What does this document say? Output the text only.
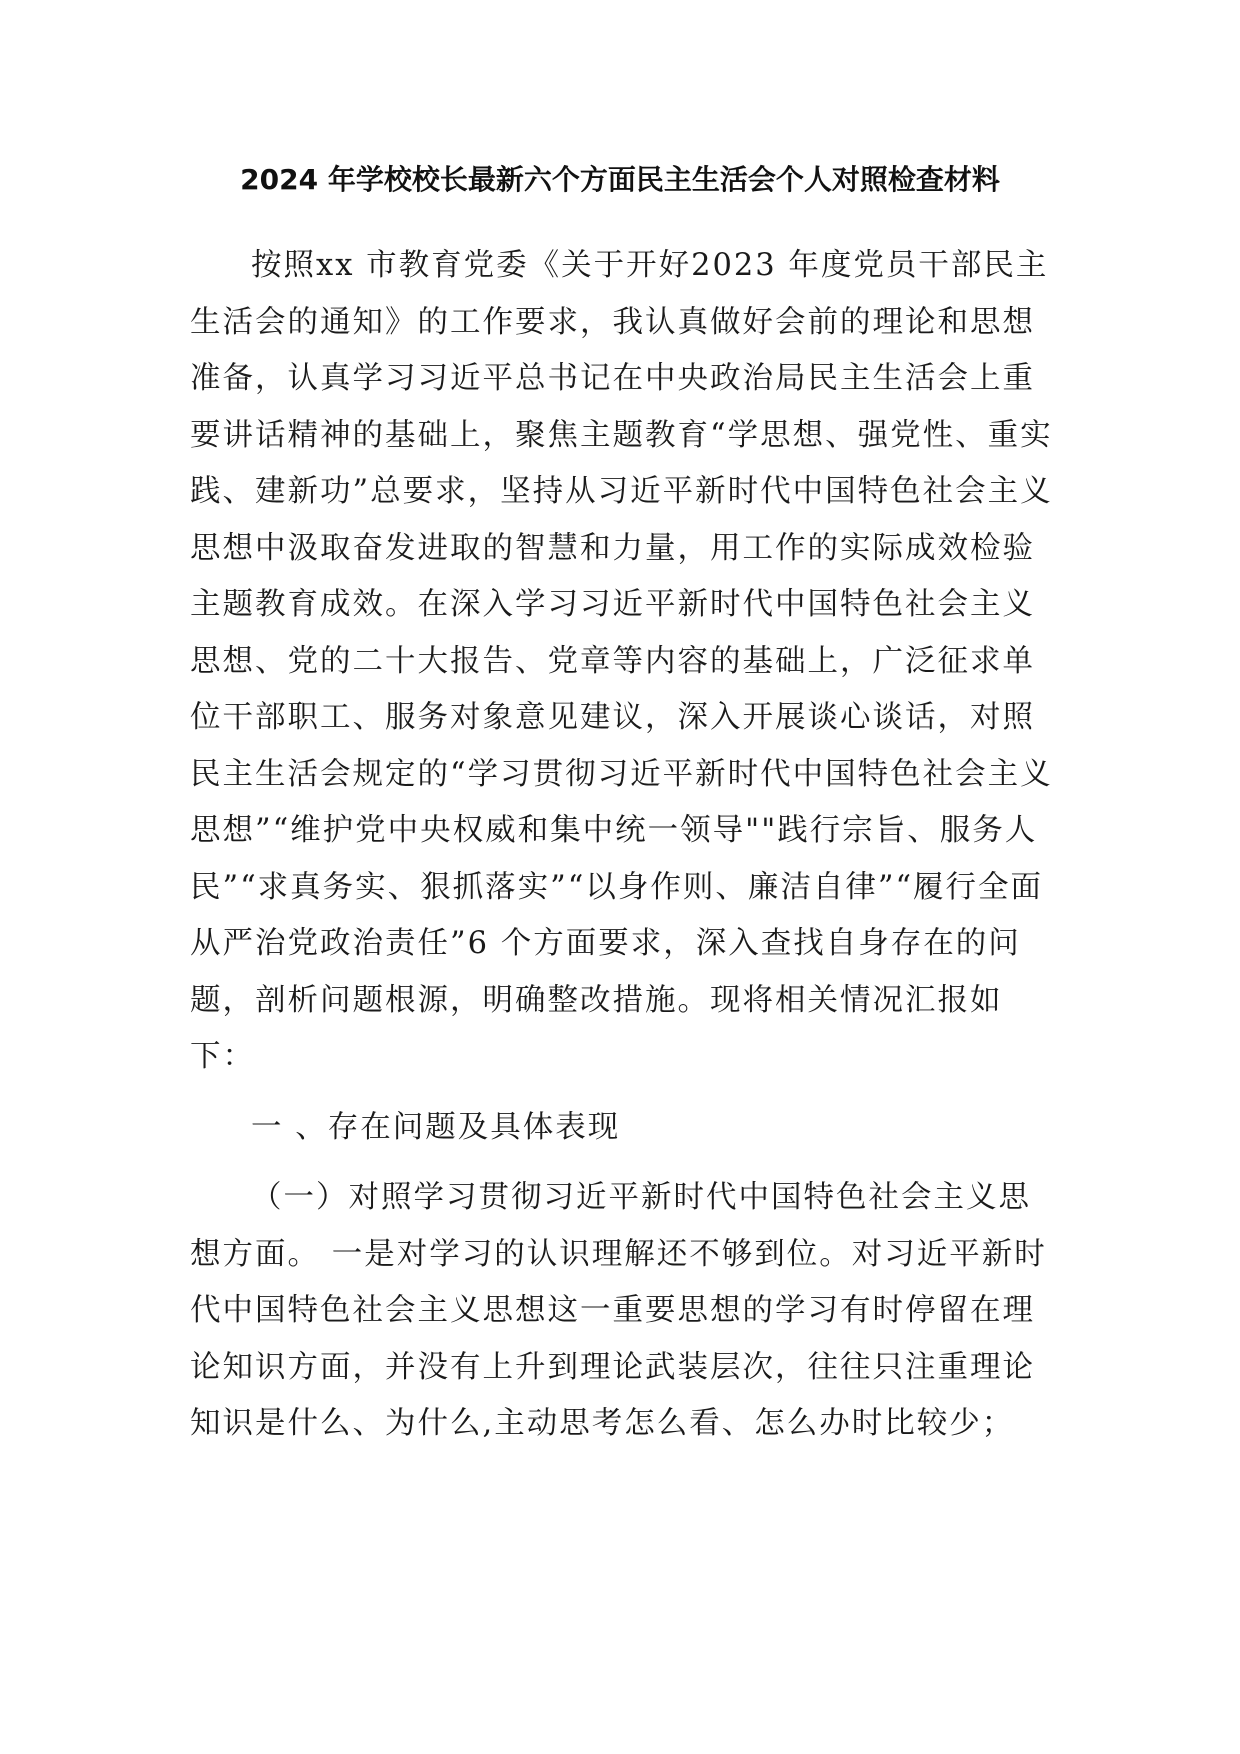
2024 年学校校长最新六个方面民主生活会个人对照检查材料

按照xx 市教育党委《关于开好2023 年度党员干部民主生活会的通知》的工作要求，我认真做好会前的理论和思想准备，认真学习习近平总书记在中央政治局民主生活会上重要讲话精神的基础上，聚焦主题教育“学思想、强党性、重实践、建新功”总要求，坚持从习近平新时代中国特色社会主义思想中汲取奋发进取的智慧和力量，用工作的实际成效检验主题教育成效。在深入学习习近平新时代中国特色社会主义思想、党的二十大报告、党章等内容的基础上，广泛征求单位干部职工、服务对象意见建议，深入开展谈心谈话，对照民主生活会规定的“学习贯彻习近平新时代中国特色社会主义思想”“维护党中央权威和集中统一领导""践行宗旨、服务人民”“求真务实、狠抓落实”“以身作则、廉洁自律”“履行全面从严治党政治责任”6 个方面要求，深入查找自身存在的问题，剖析问题根源，明确整改措施。现将相关情况汇报如下：

一 、存在问题及具体表现

（一）对照学习贯彻习近平新时代中国特色社会主义思想方面。 一是对学习的认识理解还不够到位。对习近平新时代中国特色社会主义思想这一重要思想的学习有时停留在理论知识方面，并没有上升到理论武装层次，往往只注重理论知识是什么、为什么,主动思考怎么看、怎么办时比较少；
